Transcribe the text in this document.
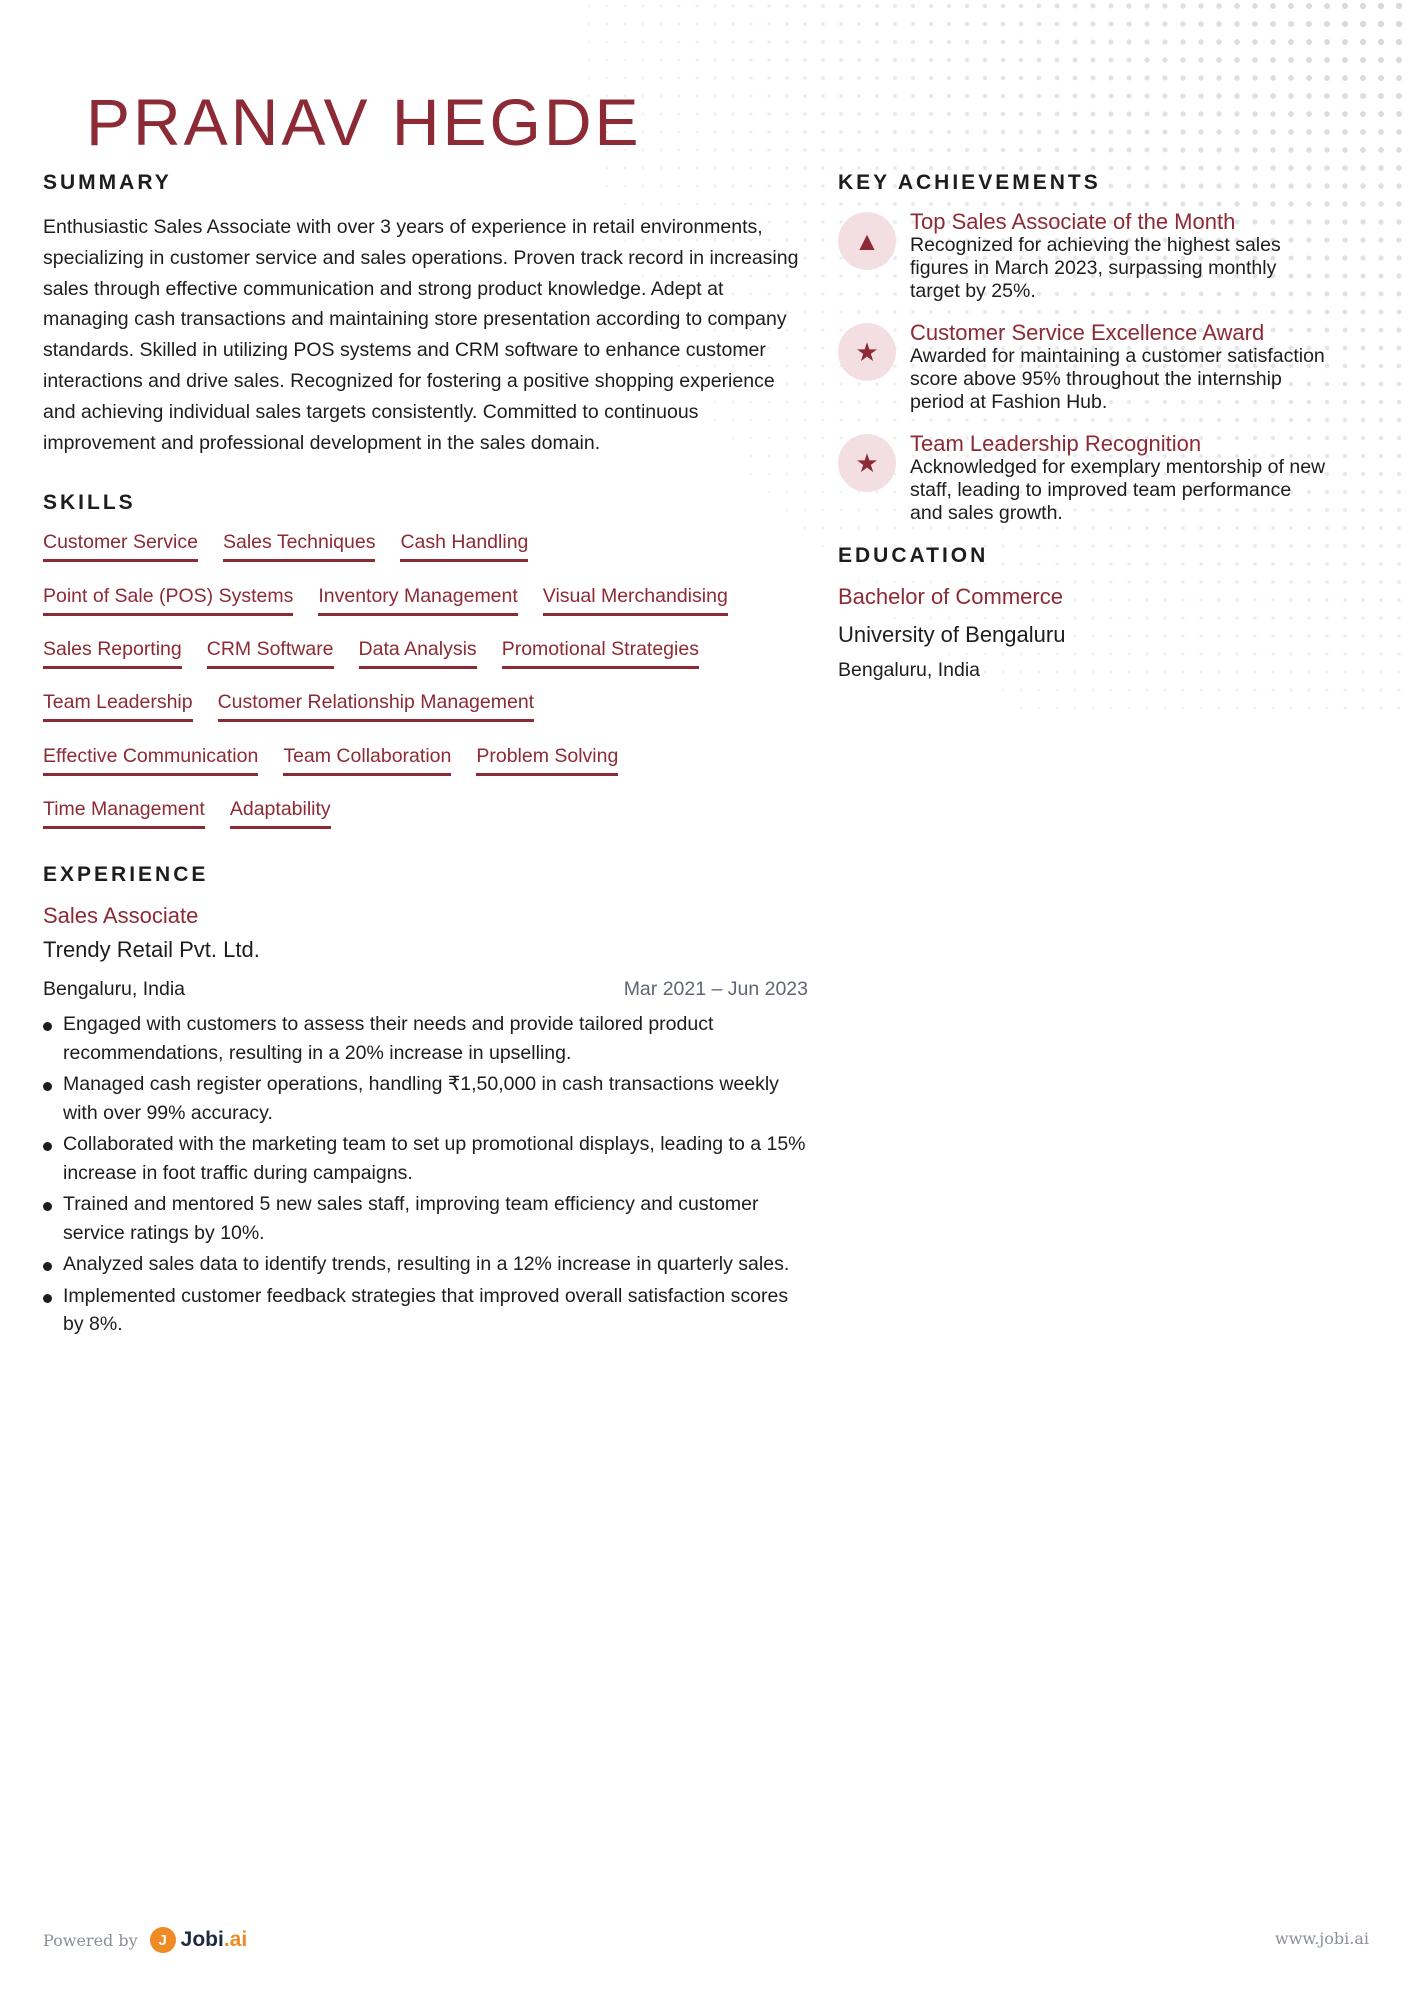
PRANAV HEGDE
SUMMARY

Enthusiastic Sales Associate with over 3 years of experience in retail environments, specializing in customer service and sales operations. Proven track record in increasing sales through effective communication and strong product knowledge. Adept at managing cash transactions and maintaining store presentation according to company standards. Skilled in utilizing POS systems and CRM software to enhance customer interactions and drive sales. Recognized for fostering a positive shopping experience and achieving individual sales targets consistently. Committed to continuous improvement and professional development in the sales domain.

SKILLS
Customer Service Sales Techniques Cash Handling
Point of Sale (POS) Systems Inventory Management Visual Merchandising
Sales Reporting CRM Software Data Analysis Promotional Strategies
Team Leadership Customer Relationship Management
Effective Communication Team Collaboration Problem Solving
Time Management Adaptability
EXPERIENCE
Sales Associate
Trendy Retail Pvt. Ltd.
Bengaluru, India	Mar 2021 – Jun 2023
Engaged with customers to assess their needs and provide tailored product recommendations, resulting in a 20% increase in upselling.
Managed cash register operations, handling ₹1,50,000 in cash transactions weekly with over 99% accuracy.
Collaborated with the marketing team to set up promotional displays, leading to a 15% increase in foot traffic during campaigns.
Trained and mentored 5 new sales staff, improving team efficiency and customer service ratings by 10%.
Analyzed sales data to identify trends, resulting in a 12% increase in quarterly sales.
Implemented customer feedback strategies that improved overall satisfaction scores by 8%.
KEY ACHIEVEMENTS
▲
Top Sales Associate of the Month
Recognized for achieving the highest sales figures in March 2023, surpassing monthly target by 25%.
★
Customer Service Excellence Award
Awarded for maintaining a customer satisfaction score above 95% throughout the internship period at Fashion Hub.
★
Team Leadership Recognition
Acknowledged for exemplary mentorship of new staff, leading to improved team performance and sales growth.
EDUCATION
Bachelor of Commerce
University of Bengaluru
Bengaluru, India
Powered by	J Jobi.ai	www.jobi.ai
